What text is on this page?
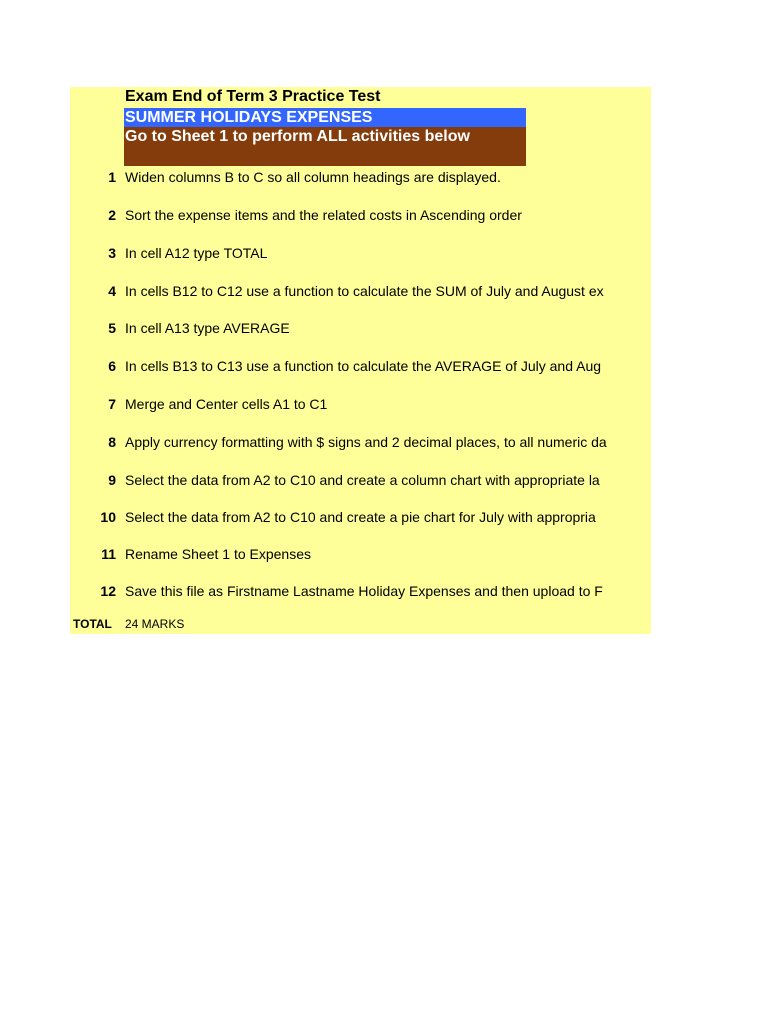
Exam End of Term 3 Practice Test
SUMMER HOLIDAYS EXPENSES
Go to Sheet 1 to perform ALL activities below
1 Widen columns B to C so all column headings are displayed.
2 Sort the expense items and the related costs in Ascending order
3 In cell A12 type TOTAL
4 In cells B12 to C12 use a function to calculate the SUM of July and August ex
5 In cell A13 type AVERAGE
6 In cells B13 to C13 use a function to calculate the AVERAGE of July and Aug
7 Merge and Center cells A1 to C1
8 Apply currency formatting with $ signs and 2 decimal places, to all numeric da
9 Select the data from A2 to C10 and create a column chart with appropriate la
10 Select the data from A2 to C10 and create a pie chart for July with appropria
11 Rename Sheet 1 to Expenses
12 Save this file as Firstname Lastname Holiday Expenses and then upload to F
TOTAL 24 MARKS
